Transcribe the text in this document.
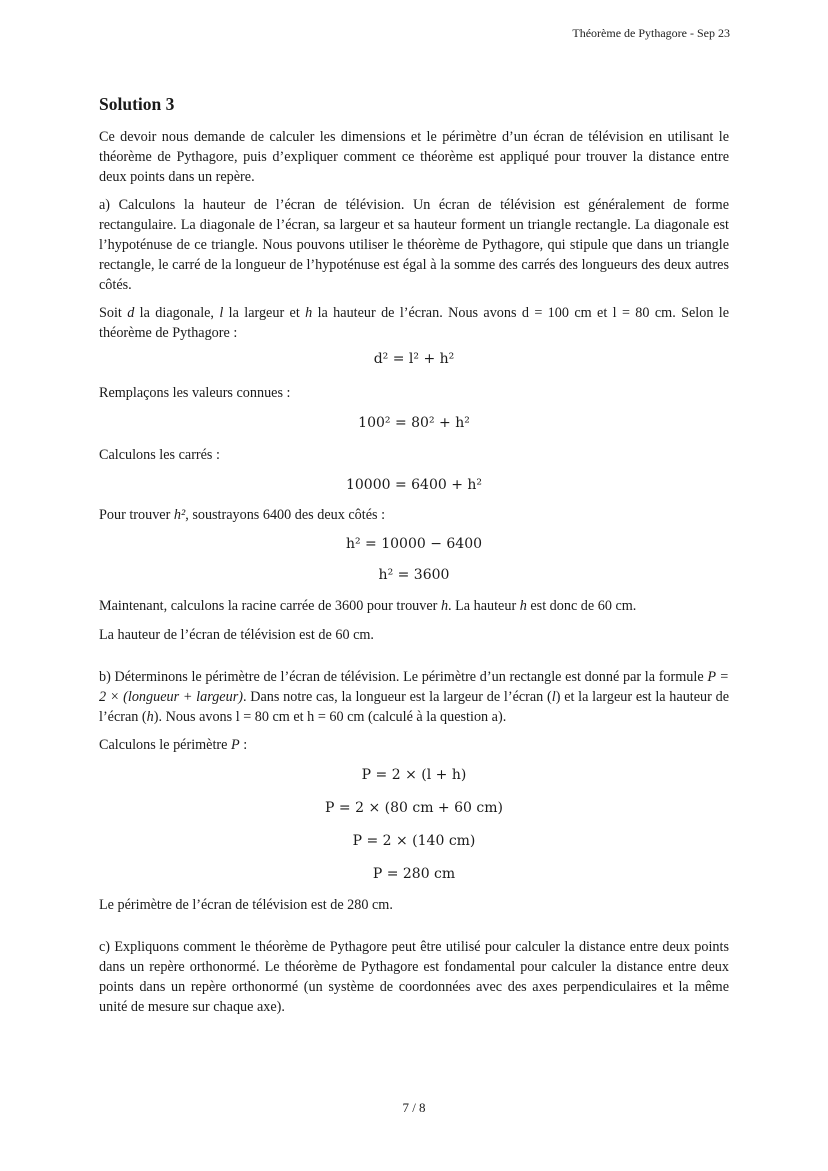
Théorème de Pythagore - Sep 23
Solution 3

Ce devoir nous demande de calculer les dimensions et le périmètre d’un écran de télévision en utilisant le théorème de Pythagore, puis d’expliquer comment ce théorème est appliqué pour trouver la distance entre deux points dans un repère.

a) Calculons la hauteur de l’écran de télévision. Un écran de télévision est généralement de forme rectangulaire. La diagonale de l’écran, sa largeur et sa hauteur forment un triangle rectangle. La diagonale est l’hypoténuse de ce triangle. Nous pouvons utiliser le théorème de Pythagore, qui stipule que dans un triangle rectangle, le carré de la longueur de l’hypoténuse est égal à la somme des carrés des longueurs des deux autres côtés.

Soit d la diagonale, l la largeur et h la hauteur de l’écran. Nous avons d = 100 cm et l = 80 cm. Selon le théorème de Pythagore :

d² = l² + h²

Remplaçons les valeurs connues :

100² = 80² + h²

Calculons les carrés :

10000 = 6400 + h²

Pour trouver h², soustrayons 6400 des deux côtés :

h² = 10000 − 6400
h² = 3600

Maintenant, calculons la racine carrée de 3600 pour trouver h. La hauteur h est donc de 60 cm.

La hauteur de l’écran de télévision est de 60 cm.

b) Déterminons le périmètre de l’écran de télévision. Le périmètre d’un rectangle est donné par la formule P = 2 × (longueur + largeur). Dans notre cas, la longueur est la largeur de l’écran (l) et la largeur est la hauteur de l’écran (h). Nous avons l = 80 cm et h = 60 cm (calculé à la question a).

Calculons le périmètre P :

P = 2 × (l + h)
P = 2 × (80 cm + 60 cm)
P = 2 × (140 cm)
P = 280 cm

Le périmètre de l’écran de télévision est de 280 cm.

c) Expliquons comment le théorème de Pythagore peut être utilisé pour calculer la distance entre deux points dans un repère orthonormé. Le théorème de Pythagore est fondamental pour calculer la distance entre deux points dans un repère orthonormé (un système de coordonnées avec des axes perpendiculaires et la même unité de mesure sur chaque axe).

7 / 8
